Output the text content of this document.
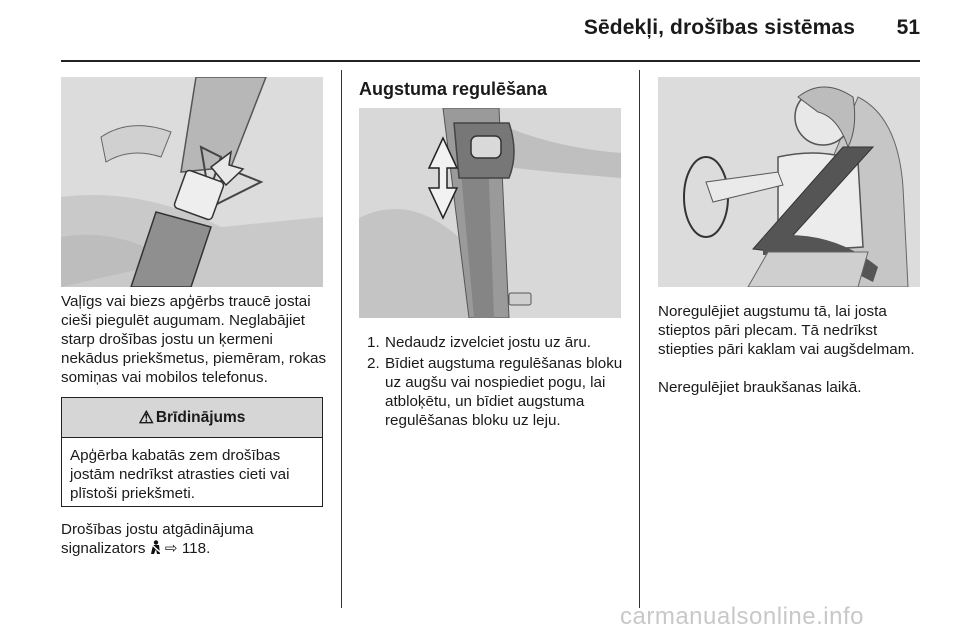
Sēdekļi, drošības sistēmas	51

Vaļīgs vai biezs apģērbs traucē jostai cieši piegulēt augumam. Neglabājiet starp drošības jostu un ķermeni nekādus priekšmetus, piemēram, rokas somiņas vai mobilos telefonus.

⚠ Brīdinājums
Apģērba kabatās zem drošības jostām nedrīkst atrasties cieti vai plīstoši priekšmeti.
Drošības jostu atgādinājuma signalizators ⇨ 118.
Augstuma regulēšana
1. Nedaudz izvelciet jostu uz āru.
2. Bīdiet augstuma regulēšanas bloku uz augšu vai nospiediet pogu, lai atbloķētu, un bīdiet augstuma regulēšanas bloku uz leju.

Noregulējiet augstumu tā, lai josta stieptos pāri plecam. Tā nedrīkst stiepties pāri kaklam vai augšdelmam.

Neregulējiet braukšanas laikā.

carmanualsonline.info
